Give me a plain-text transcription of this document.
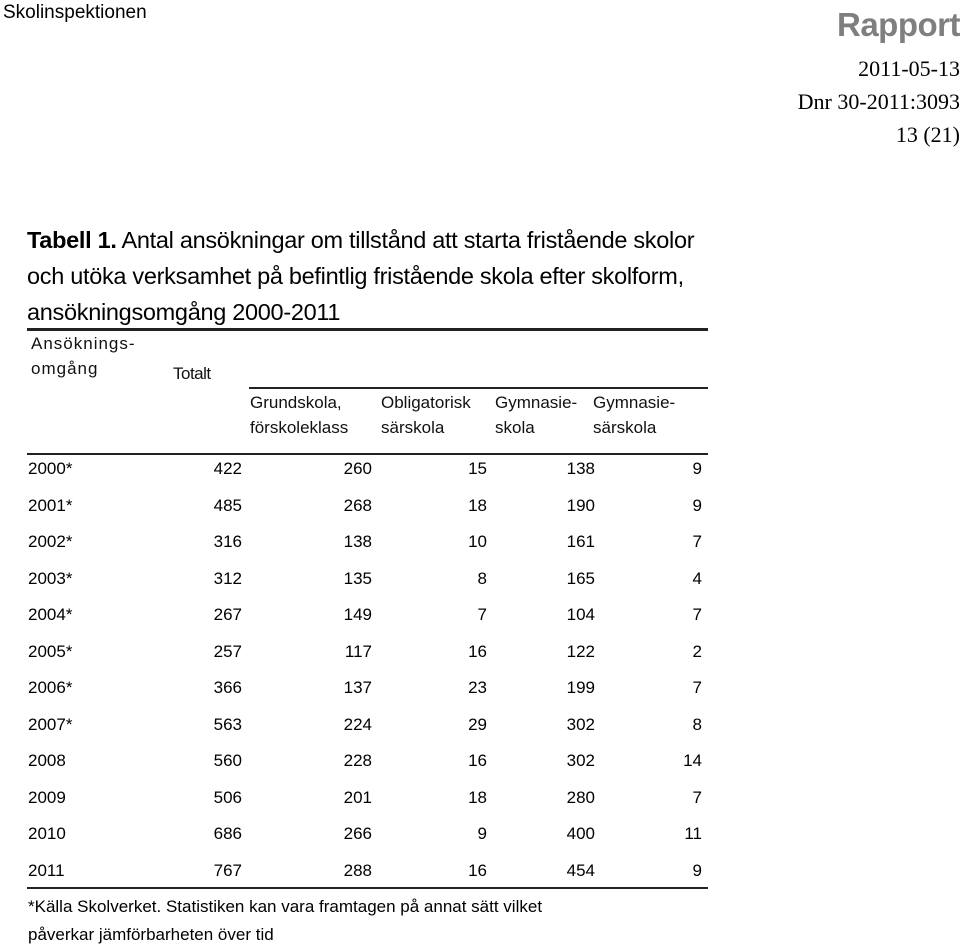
Skolinspektionen	Rapport
2011-05-13
Dnr 30-2011:3093
13 (21)
Tabell 1. Antal ansökningar om tillstånd att starta fristående skolor och utöka verksamhet på befintlig fristående skola efter skolform, ansökningsomgång 2000-2011
Ansöknings-
omgång	Totalt
Grundskola,
förskoleklass
Obligatorisk
särskola
Gymnasie-
skola
Gymnasie-
särskola
2000*	422	260	15	138	9
2001*	485	268	18	190	9
2002*	316	138	10	161	7
2003*	312	135	8	165	4
2004*	267	149	7	104	7
2005*	257	117	16	122	2
2006*	366	137	23	199	7
2007*	563	224	29	302	8
2008	560	228	16	302	14
2009	506	201	18	280	7
2010	686	266	9	400	11
2011	767	288	16	454	9
*Källa Skolverket. Statistiken kan vara framtagen på annat sätt vilket
påverkar jämförbarheten över tid
